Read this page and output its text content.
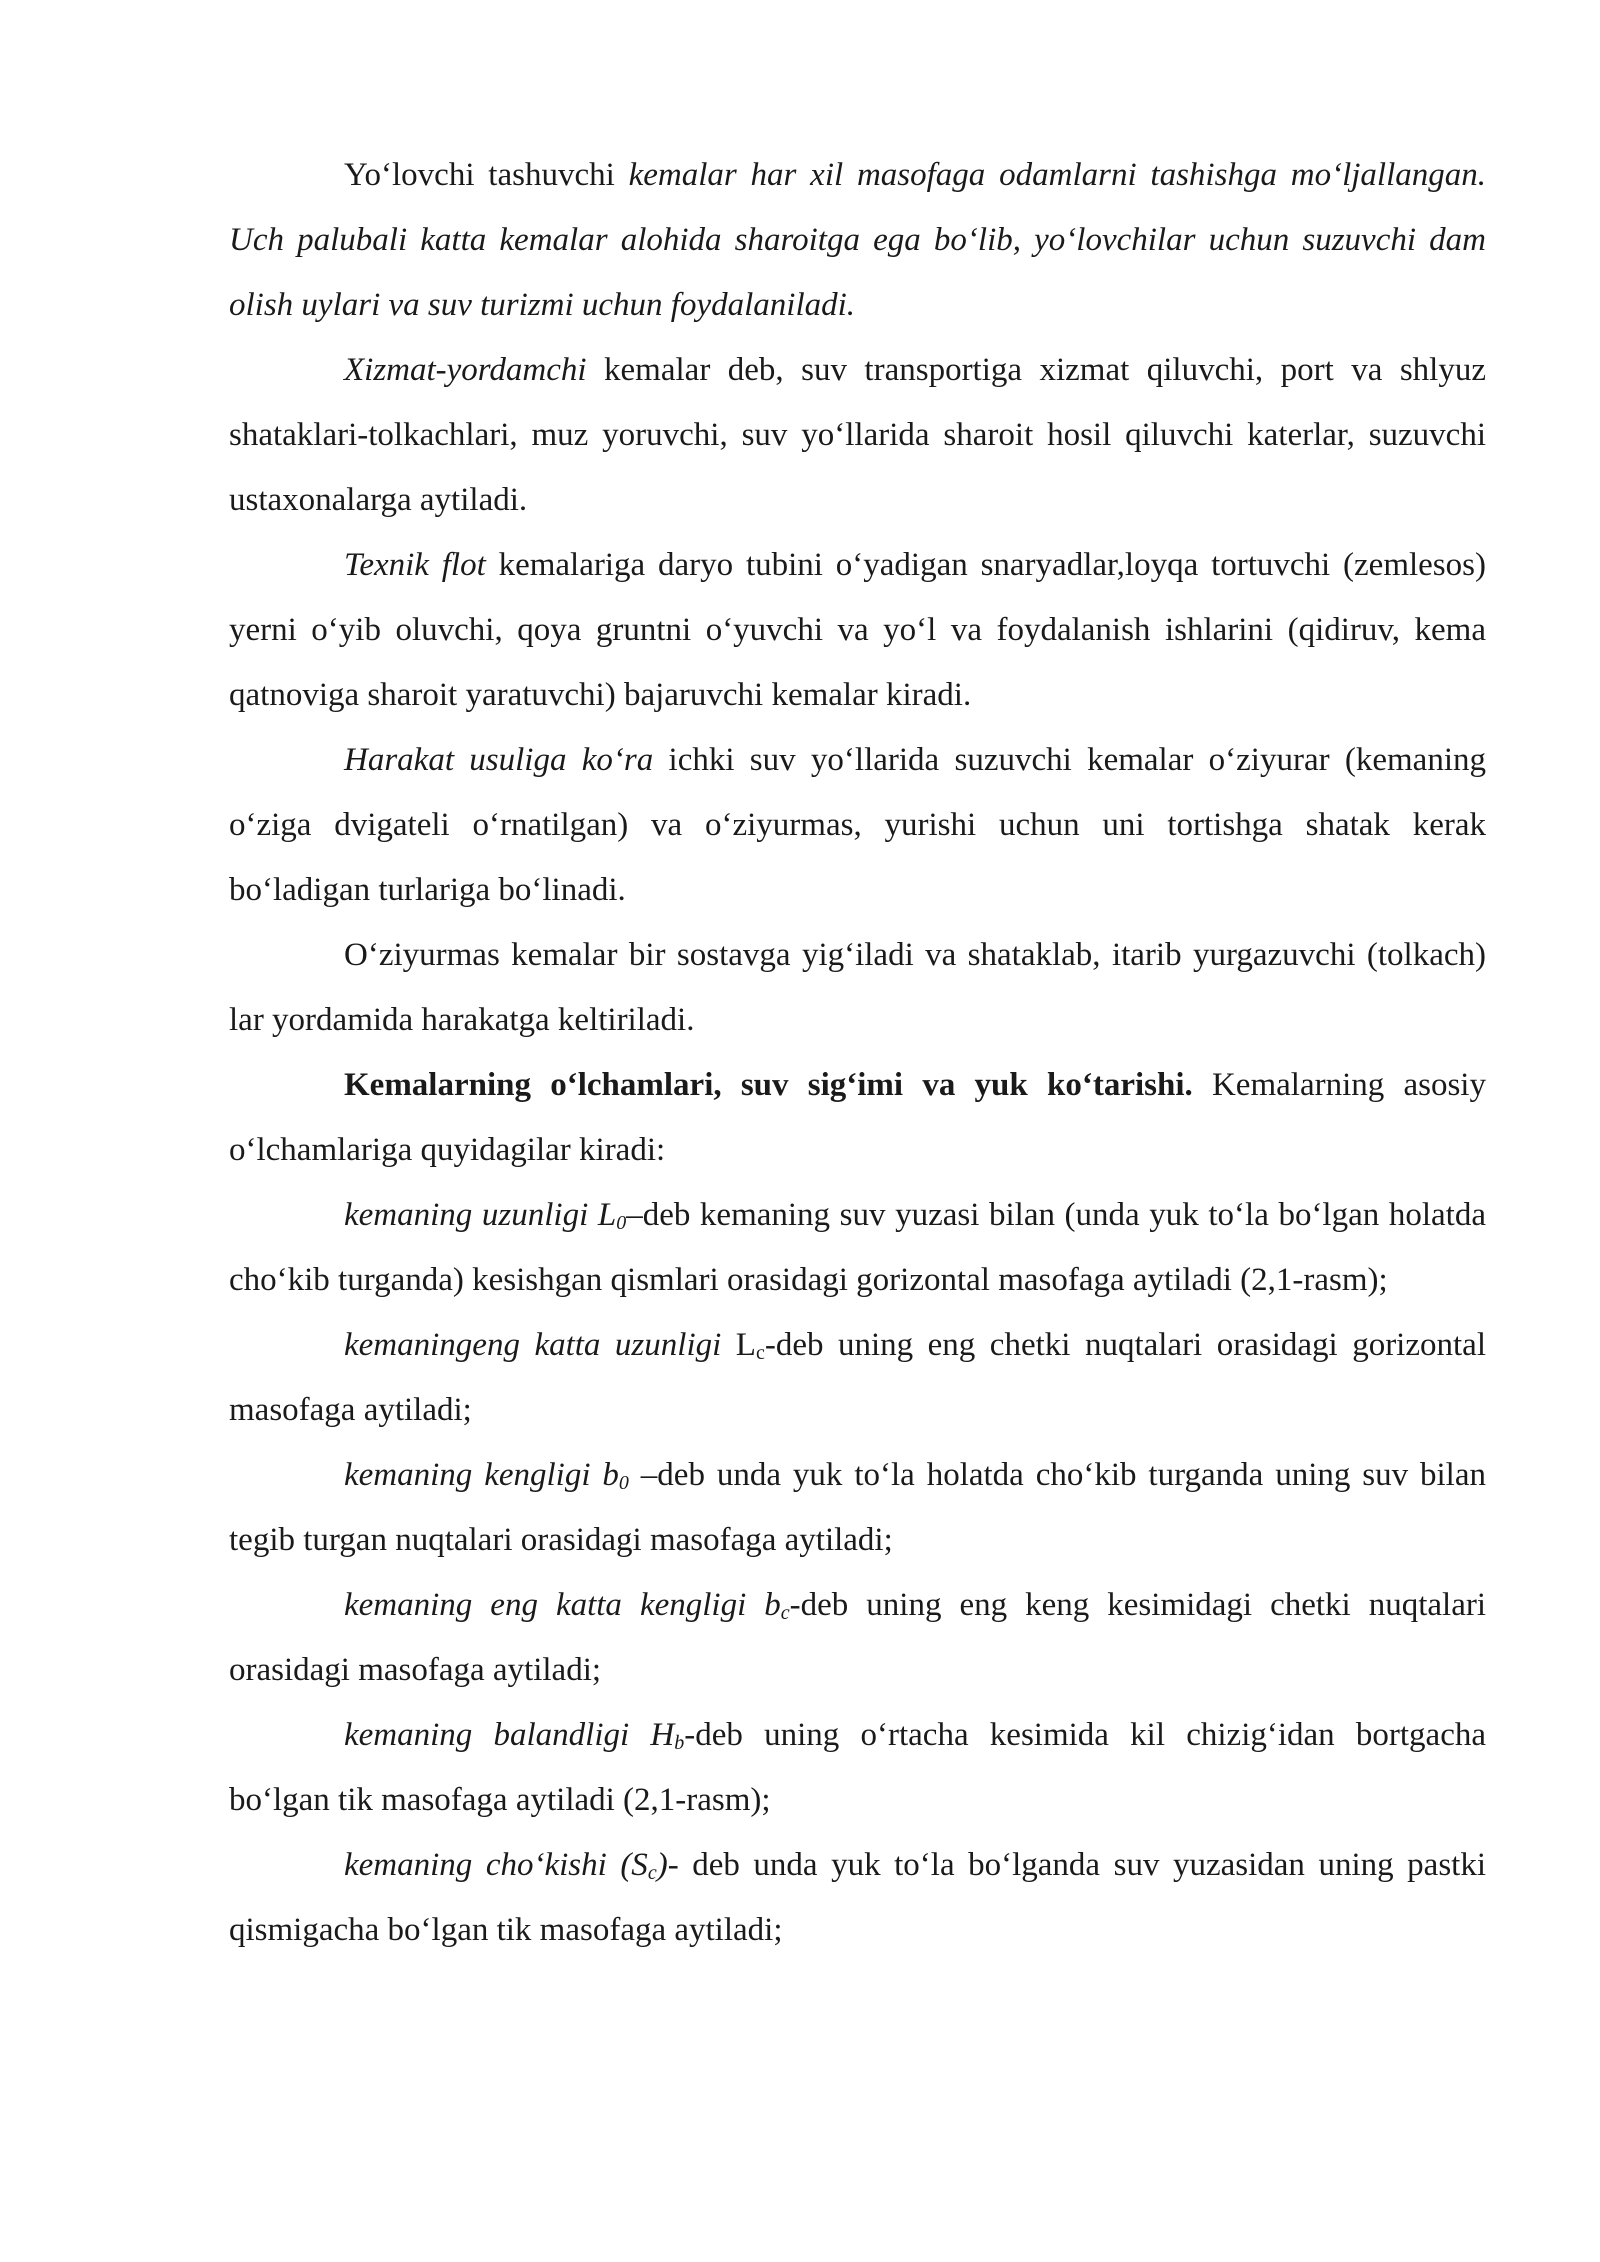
Yo‘lovchi tashuvchi kemalar har xil masofaga odamlarni tashishga mo‘ljallangan. Uch palubali katta kemalar alohida sharoitga ega bo‘lib, yo‘lovchilar uchun suzuvchi dam olish uylari va suv turizmi uchun foydalaniladi.

Xizmat-yordamchi kemalar deb, suv transportiga xizmat qiluvchi, port va shlyuz shataklari-tolkachlari, muz yoruvchi, suv yo‘llarida sharoit hosil qiluvchi katerlar, suzuvchi ustaxonalarga aytiladi.

Texnik flot kemalariga daryo tubini o‘yadigan snaryadlar,loyqa tortuvchi (zemlesos) yerni o‘yib oluvchi, qoya gruntni o‘yuvchi va yo‘l va foydalanish ishlarini (qidiruv, kema qatnoviga sharoit yaratuvchi) bajaruvchi kemalar kiradi.

Harakat usuliga ko‘ra ichki suv yo‘llarida suzuvchi kemalar o‘ziyurar (kemaning o‘ziga dvigateli o‘rnatilgan) va o‘ziyurmas, yurishi uchun uni tortishga shatak kerak bo‘ladigan turlariga bo‘linadi.

O‘ziyurmas kemalar bir sostavga yig‘iladi va shataklab, itarib yurgazuvchi (tolkach) lar yordamida harakatga keltiriladi.

Kemalarning o‘lchamlari, suv sig‘imi va yuk ko‘tarishi. Kemalarning asosiy o‘lchamlariga quyidagilar kiradi:

kemaning uzunligi $L_0$–deb kemaning suv yuzasi bilan (unda yuk to‘la bo‘lgan holatda cho‘kib turganda) kesishgan qismlari orasidagi gorizontal masofaga aytiladi (2,1-rasm);

kemaningeng katta uzunligi $L_c$-deb uning eng chetki nuqtalari orasidagi gorizontal masofaga aytiladi;

kemaning kengligi $b_0$ –deb unda yuk to‘la holatda cho‘kib turganda uning suv bilan tegib turgan nuqtalari orasidagi masofaga aytiladi;

kemaning eng katta kengligi $b_c$-deb uning eng keng kesimidagi chetki nuqtalari orasidagi masofaga aytiladi;

kemaning balandligi $H_b$-deb uning o‘rtacha kesimida kil chizig‘idan bortgacha bo‘lgan tik masofaga aytiladi (2,1-rasm);

kemaning cho‘kishi $(S_c)-$ deb unda yuk to‘la bo‘lganda suv yuzasidan uning pastki qismigacha bo‘lgan tik masofaga aytiladi;
